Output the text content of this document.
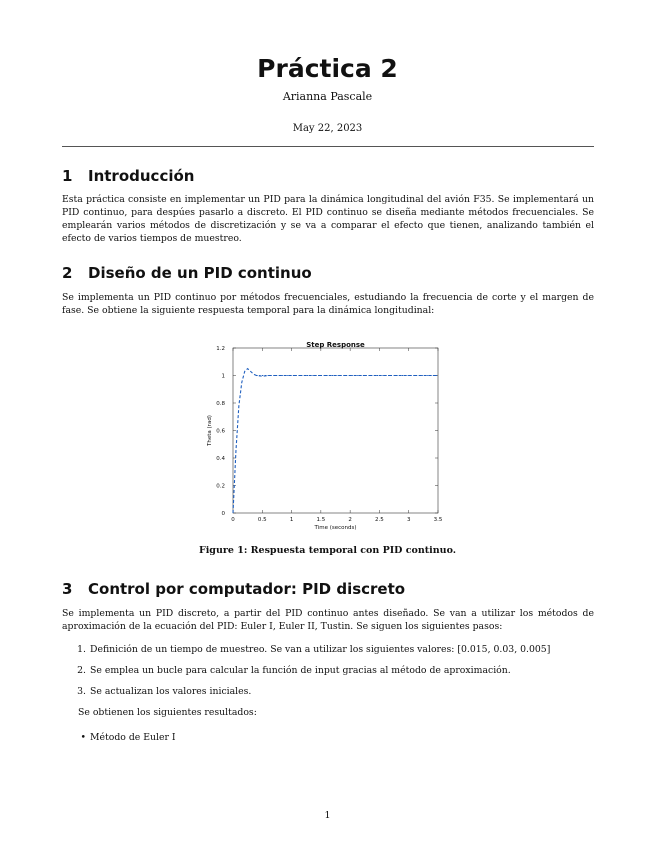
Práctica 2
Arianna Pascale
May 22, 2023
1 Introducción
Esta práctica consiste en implementar un PID para la dinámica longitudinal del avión F35. Se implementará un PID continuo, para despúes pasarlo a discreto. El PID continuo se diseña mediante métodos frecuenciales. Se emplearán varios métodos de discretización y se va a comparar el efecto que tienen, analizando también el efecto de varios tiempos de muestreo.
2 Diseño de un PID continuo
Se implementa un PID continuo por métodos frecuenciales, estudiando la frecuencia de corte y el margen de fase. Se obtiene la siguiente respuesta temporal para la dinámica longitudinal:
0	0.5	1	1.5	2	2.5	3	3.5
0
0.2
0.4
0.6
0.8
1
1.2	Step Response
Time (seconds)
Theta (rad)
Figure 1: Respuesta temporal con PID continuo.
3 Control por computador: PID discreto
Se implementa un PID discreto, a partir del PID continuo antes diseñado. Se van a utilizar los métodos de aproximación de la ecuación del PID: Euler I, Euler II, Tustin. Se siguen los siguientes pasos:
1. Definición de un tiempo de muestreo. Se van a utilizar los siguientes valores: [0.015, 0.03, 0.005]
2. Se emplea un bucle para calcular la función de input gracias al método de aproximación.
3. Se actualizan los valores iniciales.
Se obtienen los siguientes resultados:
• Método de Euler I
1
